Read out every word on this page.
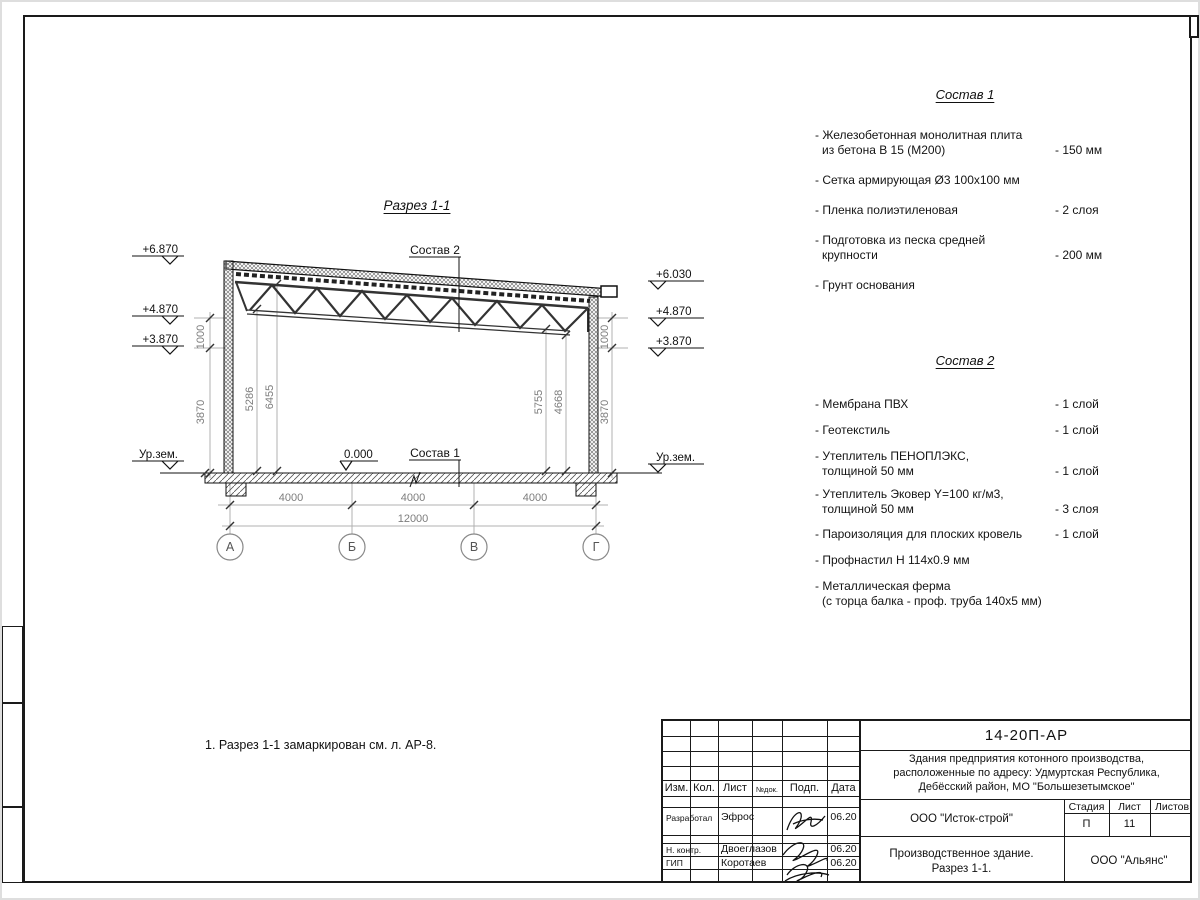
Разрез 1-1
+6.870
+4.870
+3.870
Ур.зем.
+6.030
+4.870
+3.870
Ур.зем.
Состав 2
Состав 1
0.000
1000
3870
1000
3870
5286 6455	5755 4668
4000	4000	4000
12000
А	Б	В	Г
Состав 1
- Железобетонная монолитная плита
из бетона В 15 (М200)	- 150 мм
- Сетка армирующая Ø3 100х100 мм
- Пленка полиэтиленовая	- 2 слоя
- Подготовка из песка средней
крупности	- 200 мм
- Грунт основания
Состав 2
- Мембрана ПВХ	- 1 слой
- Геотекстиль	- 1 слой
- Утеплитель ПЕНОПЛЭКС,
толщиной 50 мм	- 1 слой
- Утеплитель Эковер Y=100 кг/м3,
толщиной 50 мм	- 3 слоя
- Пароизоляция для плоских кровель	- 1 слой
- Профнастил Н 114х0.9 мм
- Металлическая ферма
(с торца балка - проф. труба 140х5 мм)
1. Разрез 1-1 замаркирован см. л. АР-8.
Изм. Кол. Лист	№док.	Подп.	Дата
Разработал Эфрос	06.20
Н. контр. Двоеглазов	06.20
ГИП	Коротаев	06.20
14-20П-АР
Здания предприятия котонного производства,
расположенные по адресу: Удмуртская Республика,
Дебёсский район, МО "Большезетымское"
ООО "Исток-строй"
Стадия	Лист	Листов
П	11
Производственное здание.
Разрез 1-1.
ООО "Альянс"
